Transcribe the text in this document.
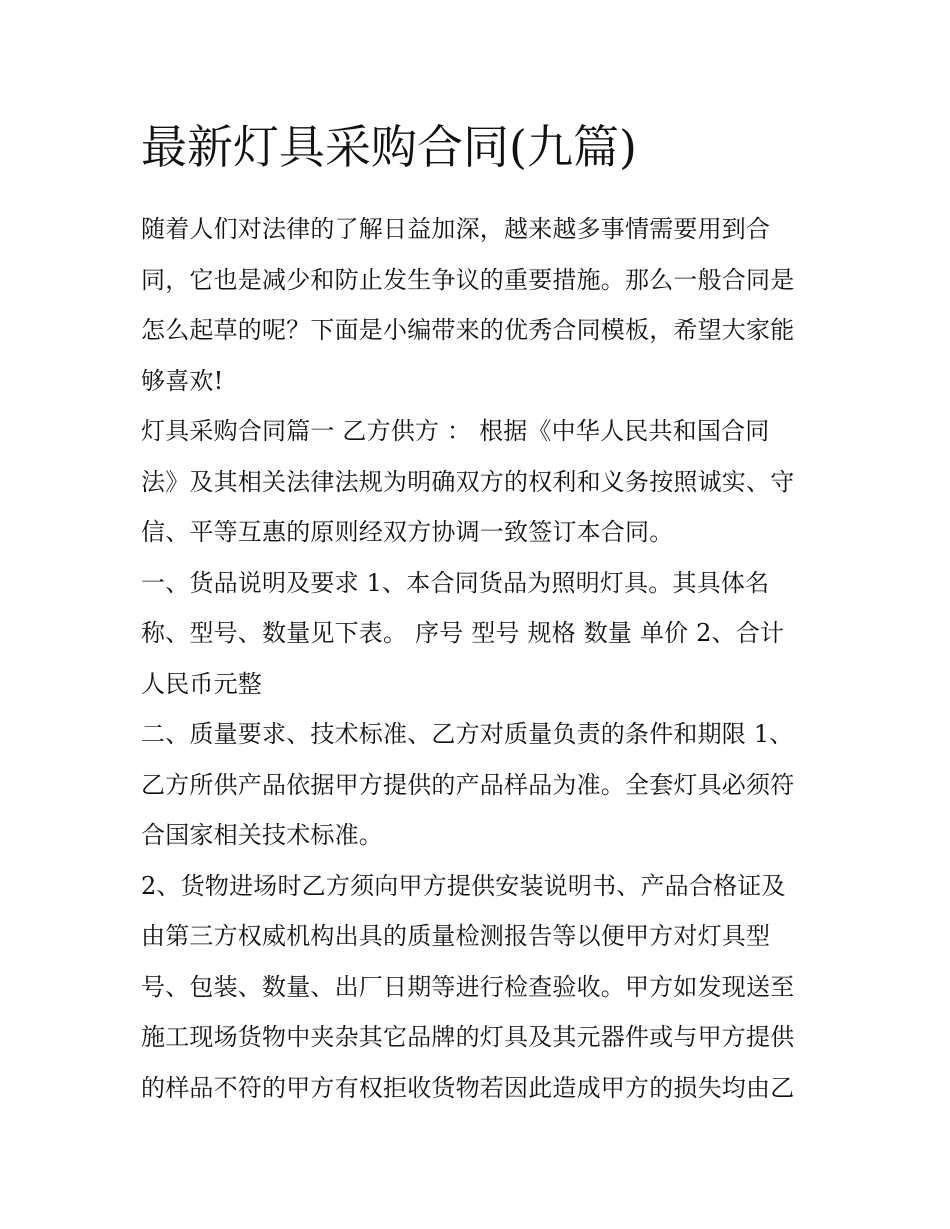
最新灯具采购合同(九篇)

随着人们对法律的了解日益加深，越来越多事情需要用到合
同，它也是减少和防止发生争议的重要措施。那么一般合同是
怎么起草的呢？下面是小编带来的优秀合同模板，希望大家能
够喜欢!

灯具采购合同篇一 乙方供方 ： 根据《中华人民共和国合同
法》及其相关法律法规为明确双方的权利和义务按照诚实、守
信、平等互惠的原则经双方协调一致签订本合同。

一、货品说明及要求 1、本合同货品为照明灯具。其具体名
称、型号、数量见下表。 序号 型号 规格 数量 单价 2、合计
人民币元整

二、质量要求、技术标准、乙方对质量负责的条件和期限 1、
乙方所供产品依据甲方提供的产品样品为准。全套灯具必须符
合国家相关技术标准。

2、货物进场时乙方须向甲方提供安装说明书、产品合格证及
由第三方权威机构出具的质量检测报告等以便甲方对灯具型
号、包装、数量、出厂日期等进行检查验收。甲方如发现送至
施工现场货物中夹杂其它品牌的灯具及其元器件或与甲方提供
的样品不符的甲方有权拒收货物若因此造成甲方的损失均由乙
